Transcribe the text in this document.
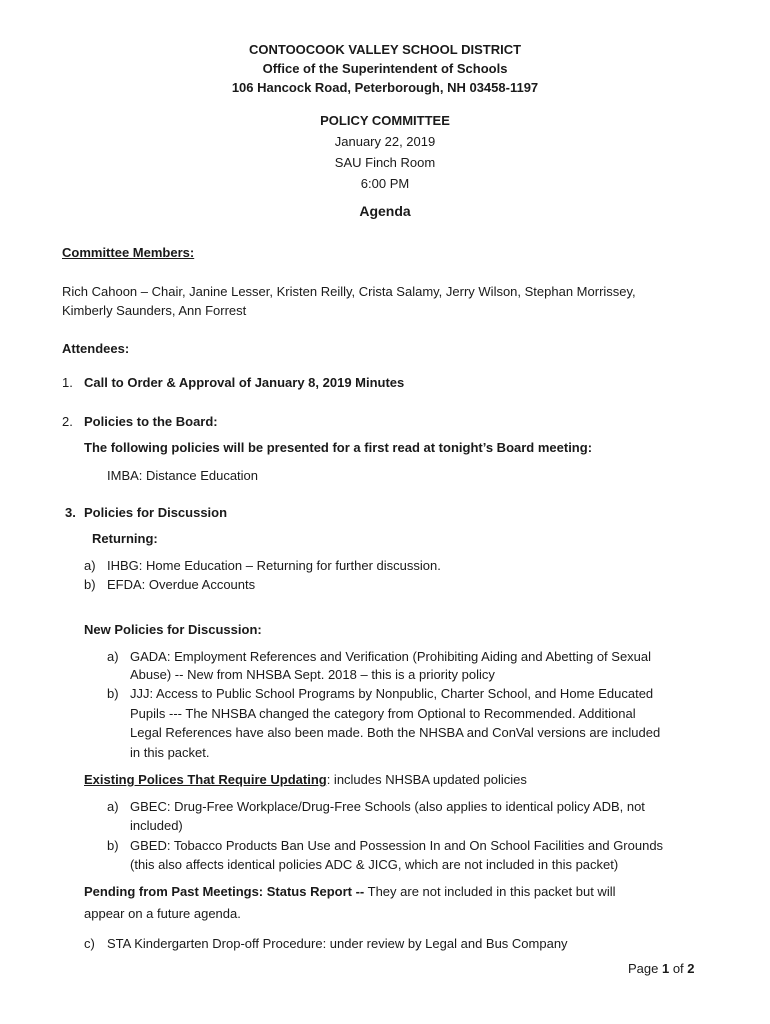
CONTOOCOOK VALLEY SCHOOL DISTRICT
Office of the Superintendent of Schools
106 Hancock Road, Peterborough, NH 03458-1197
POLICY COMMITTEE
January 22, 2019
SAU Finch Room
6:00 PM
Agenda
Committee Members:
Rich Cahoon – Chair, Janine Lesser, Kristen Reilly, Crista Salamy, Jerry Wilson, Stephan Morrissey,
Kimberly Saunders, Ann Forrest
Attendees:
1. Call to Order & Approval of January 8, 2019 Minutes
2. Policies to the Board:
The following policies will be presented for a first read at tonight’s Board meeting:
IMBA: Distance Education
3. Policies for Discussion
Returning:
a) IHBG: Home Education – Returning for further discussion.
b) EFDA: Overdue Accounts
New Policies for Discussion:
a) GADA: Employment References and Verification (Prohibiting Aiding and Abetting of Sexual
Abuse) -- New from NHSBA Sept. 2018 – this is a priority policy
b) JJJ: Access to Public School Programs by Nonpublic, Charter School, and Home Educated
Pupils --- The NHSBA changed the category from Optional to Recommended. Additional
Legal References have also been made. Both the NHSBA and ConVal versions are included
in this packet.
Existing Polices That Require Updating: includes NHSBA updated policies
a) GBEC: Drug-Free Workplace/Drug-Free Schools (also applies to identical policy ADB, not
included)
b) GBED: Tobacco Products Ban Use and Possession In and On School Facilities and Grounds
(this also affects identical policies ADC & JICG, which are not included in this packet)
Pending from Past Meetings: Status Report -- They are not included in this packet but will
appear on a future agenda.
c) STA Kindergarten Drop-off Procedure: under review by Legal and Bus Company
Page 1 of 2
